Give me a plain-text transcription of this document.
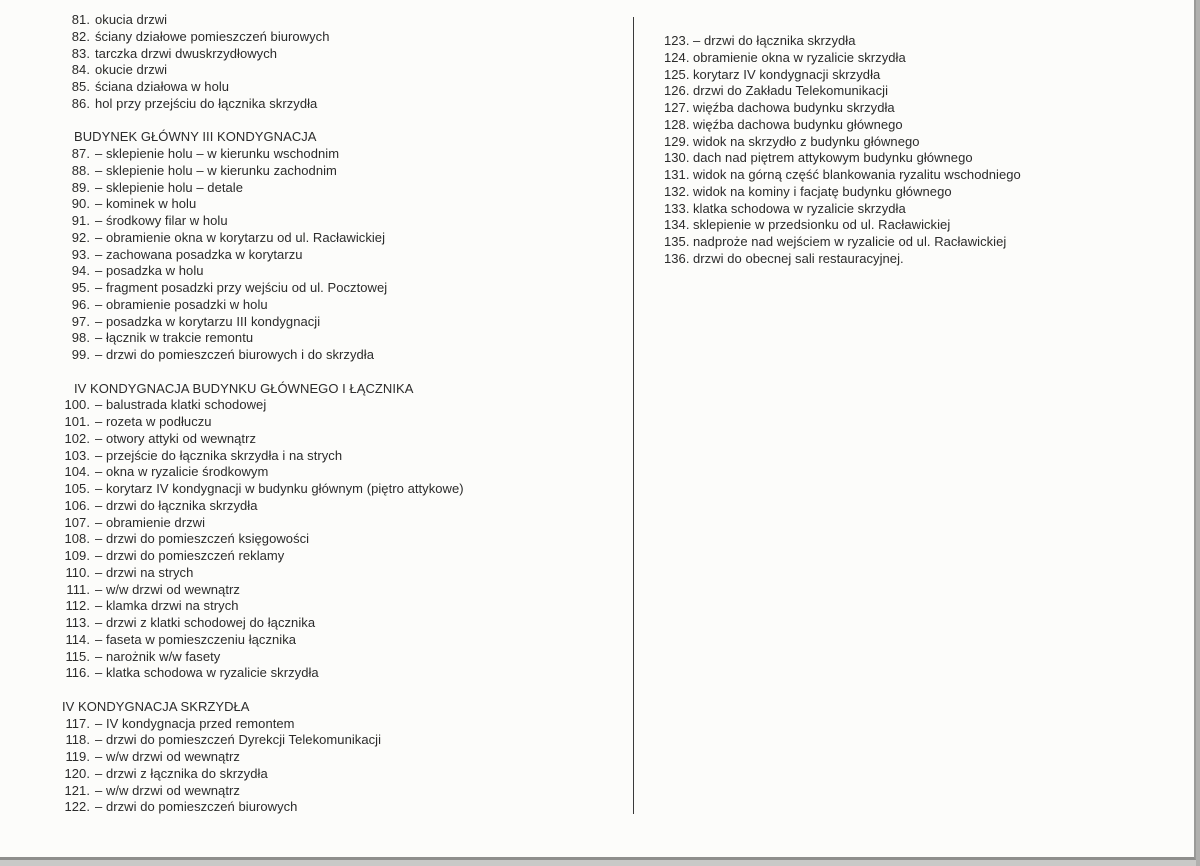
81. okucia drzwi
82. ściany działowe pomieszczeń biurowych
83. tarczka drzwi dwuskrzydłowych
84. okucie drzwi
85. ściana działowa w holu
86. hol przy przejściu do łącznika skrzydła
BUDYNEK GŁÓWNY III KONDYGNACJA
87. – sklepienie holu – w kierunku wschodnim
88. – sklepienie holu – w kierunku zachodnim
89. – sklepienie holu – detale
90. – kominek w holu
91. – środkowy filar w holu
92. – obramienie okna w korytarzu od ul. Racławickiej
93. – zachowana posadzka w korytarzu
94. – posadzka w holu
95. – fragment posadzki przy wejściu od ul. Pocztowej
96. – obramienie posadzki w holu
97. – posadzka w korytarzu III kondygnacji
98. – łącznik w trakcie remontu
99. – drzwi do pomieszczeń biurowych i do skrzydła
IV KONDYGNACJA BUDYNKU GŁÓWNEGO I ŁĄCZNIKA
100. – balustrada klatki schodowej
101. – rozeta w podłuczu
102. – otwory attyki od wewnątrz
103. – przejście do łącznika skrzydła i na strych
104. – okna w ryzalicie środkowym
105. – korytarz IV kondygnacji w budynku głównym (piętro attykowe)
106. – drzwi do łącznika skrzydła
107. – obramienie drzwi
108. – drzwi do pomieszczeń księgowości
109. – drzwi do pomieszczeń reklamy
110. – drzwi na strych
111. – w/w drzwi od wewnątrz
112. – klamka drzwi na strych
113. – drzwi z klatki schodowej do łącznika
114. – faseta w pomieszczeniu łącznika
115. – narożnik w/w fasety
116. – klatka schodowa w ryzalicie skrzydła
IV KONDYGNACJA SKRZYDŁA
117. – IV kondygnacja przed remontem
118. – drzwi do pomieszczeń Dyrekcji Telekomunikacji
119. – w/w drzwi od wewnątrz
120. – drzwi z łącznika do skrzydła
121. – w/w drzwi od wewnątrz
122. – drzwi do pomieszczeń biurowych
123. – drzwi do łącznika skrzydła
124. obramienie okna w ryzalicie skrzydła
125. korytarz IV kondygnacji skrzydła
126. drzwi do Zakładu Telekomunikacji
127. więźba dachowa budynku skrzydła
128. więźba dachowa budynku głównego
129. widok na skrzydło z budynku głównego
130. dach nad piętrem attykowym budynku głównego
131. widok na górną część blankowania ryzalitu wschodniego
132. widok na kominy i facjatę budynku głównego
133. klatka schodowa w ryzalicie skrzydła
134. sklepienie w przedsionku od ul. Racławickiej
135. nadproże nad wejściem w ryzalicie od ul. Racławickiej
136. drzwi do obecnej sali restauracyjnej.
